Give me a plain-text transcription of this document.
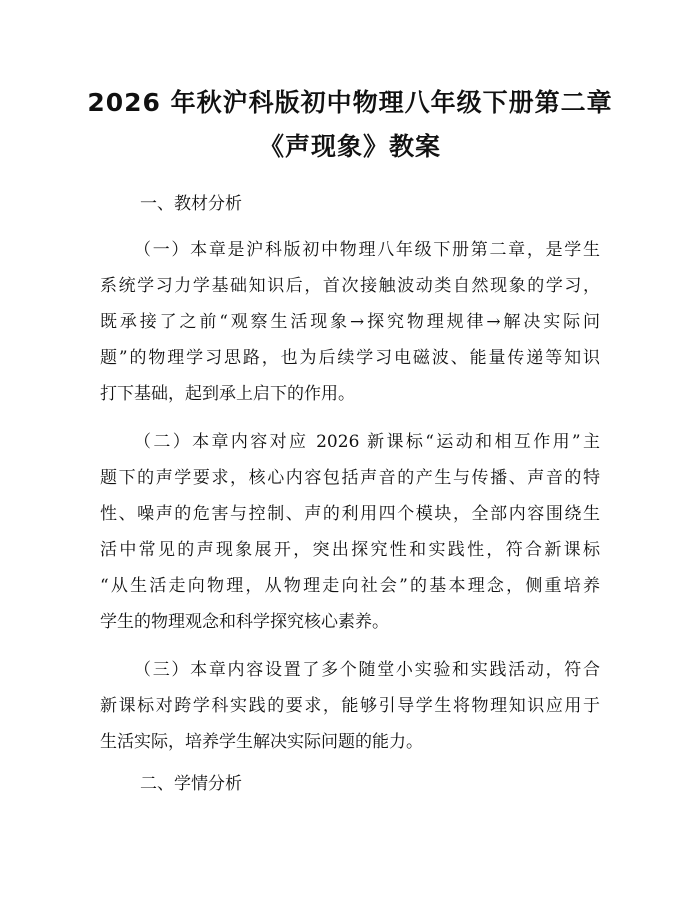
2026 年秋沪科版初中物理八年级下册第二章
《声现象》教案
一、教材分析
（一）本章是沪科版初中物理八年级下册第二章，是学生
系统学习力学基础知识后，首次接触波动类自然现象的学习，
既承接了之前“观察生活现象→探究物理规律→解决实际问
题”的物理学习思路，也为后续学习电磁波、能量传递等知识
打下基础，起到承上启下的作用。
（二）本章内容对应 2026 新课标“运动和相互作用”主
题下的声学要求，核心内容包括声音的产生与传播、声音的特
性、噪声的危害与控制、声的利用四个模块，全部内容围绕生
活中常见的声现象展开，突出探究性和实践性，符合新课标
“从生活走向物理，从物理走向社会”的基本理念，侧重培养
学生的物理观念和科学探究核心素养。
（三）本章内容设置了多个随堂小实验和实践活动，符合
新课标对跨学科实践的要求，能够引导学生将物理知识应用于
生活实际，培养学生解决实际问题的能力。
二、学情分析
